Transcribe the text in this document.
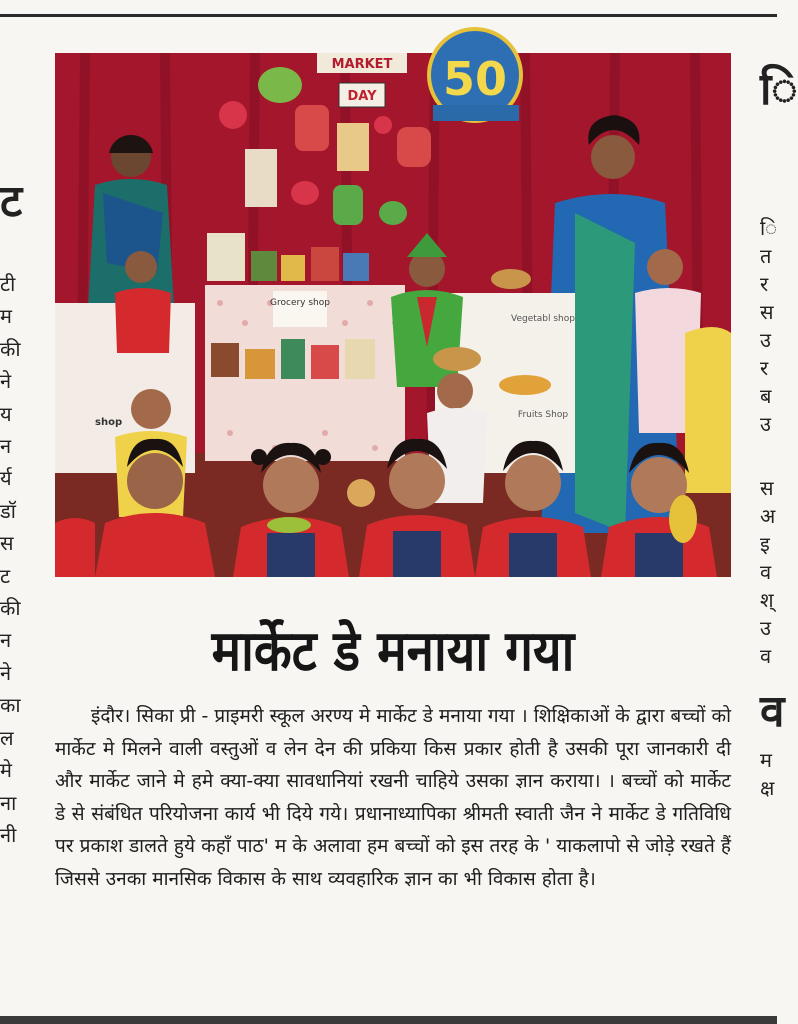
ट
टी
म
की
ने
य
न
र्य
डॉ
स
ट
की
न
ने
का
ल
मे
ना
नी
ि
ि
त
र
स
उ
र
ब
उ
स
अ
इ
व
श्
उ
व
व
म
क्ष
MARKET
DAY 50
Grocery shop
shop
Vegetabl shop
Fruits Shop
मार्केट डे मनाया गया

इंदौर। सिका प्री - प्राइमरी स्कूल अरण्य मे मार्केट डे मनाया गया । शिक्षिकाओं के द्वारा बच्चों को मार्केट मे मिलने वाली वस्तुओं व लेन देन की प्रकिया किस प्रकार होती है उसकी पूरा जानकारी दी और मार्केट जाने मे हमे क्या-क्या सावधानियां रखनी चाहिये उसका ज्ञान कराया। । बच्चों को मार्केट डे से संबंधित परियोजना कार्य भी दिये गये। प्रधानाध्यापिका श्रीमती स्वाती जैन ने मार्केट डे गतिविधि पर प्रकाश डालते हुये कहाँ पाठ' म के अलावा हम बच्चों को इस तरह के ' याकलापो से जोड़े रखते हैं जिससे उनका मानसिक विकास के साथ व्यवहारिक ज्ञान का भी विकास होता है।
